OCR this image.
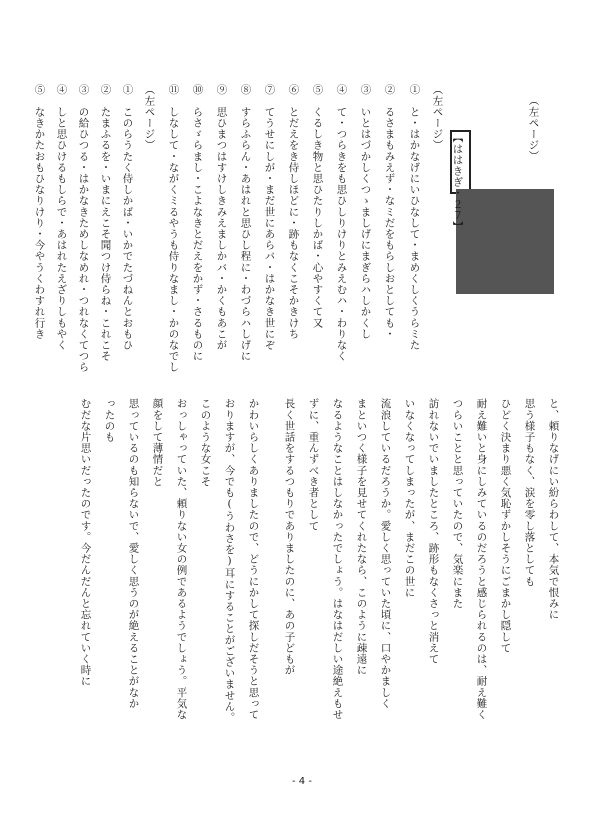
（左ページ）
【ははきぎ・２７】
（左ページ）
①　と・はかなげにいひなして・まめくしくうらミた
②　るさまもみえず・なミだをもらしおとしても・
③　いとはづかしくつゝましげにまぎらハしかくし
④　て・つらきをも思ひしりけりとみえむハ・わりなく
⑤　くるしき物と思ひたりしかば・心やすくて又
⑥　とだえをき侍しほどに・跡もなくこそかきけち
⑦　てうせにしが・まだ世にあらバ・はかなき世にぞ
⑧　すらふらん・あはれと思ひし程に・わづらハしげに
⑨　思ひまつはすけしきみえましかバ・かくもあこが
⑩　らさゞらまし・こよなきとだえをかず・さるものに
⑪　しなして・ながくミるやうも侍りなまし・かのなでし
（左ページ）
①　このらうたく侍しかば・いかでたづねんとおもひ
②　たまふるを・いまにえこそ聞つけ侍らね・これこそ
③　の給ひつる・はかなきためしなめれ・つれなくてつら
④　しと思ひけるもしらで・あはれたえざりしもやく
⑤　なきかたおもひなりけり・今やうくわすれ行き
と、頼りなげにい紛らわして、本気で恨みに
思う様子もなく、涙を零し落としても
ひどく決まり悪く気恥ずかしそうにごまかし隠して
耐え難いと身にしみているのだろうと感じられるのは、耐え難く
つらいことと思っていたので、気楽にまた
訪れないでいましたところ、跡形もなくさっと消えて
いなくなってしまったが、まだこの世に
流浪しているだろうか。愛しく思っていた頃に、口やかましく
まといつく様子を見せてくれたなら、このように疎遠に
なるようなことはしなかったでしょう。はなはだしい途絶えもせ
ずに、重んずべき者として
長く世話をするつもりでありましたのに、あの子どもが
かわいらしくありましたので、どうにかして探しだそうと思って
おりますが、今でも(うわさを)耳にすることがございません。
このような女こそ
おっしゃっていた、頼りない女の例であるようでしょう。平気な
顔をして薄情だと
思っているのも知らないで、愛しく思うのが絶えることがなか
ったのも
むだな片思いだったのです。今だんだんと忘れていく時に
- 4 -
